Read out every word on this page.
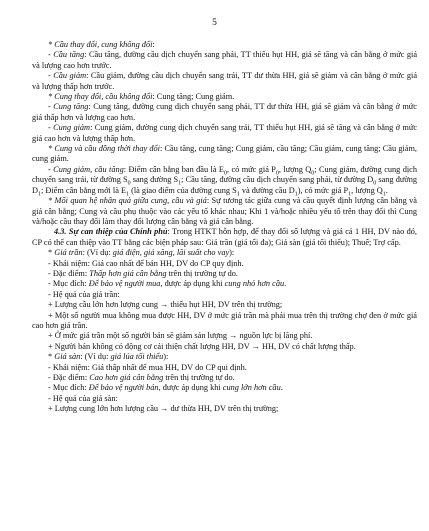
5

* Cầu thay đổi, cung không đổi:

- Cầu tăng: Cầu tăng, đường cầu dịch chuyển sang phải, TT thiếu hụt HH, giá sẽ tăng và cân bằng ở mức giá và lượng cao hơn trước.

- Cầu giảm: Cầu giảm, đường cầu dịch chuyển sang trái, TT dư thừa HH, giá sẽ giảm và cân bằng ở mức giá và lượng thấp hơn trước.

* Cung thay đổi, cầu không đổi: Cung tăng; Cung giảm.

- Cung tăng: Cung tăng, đường cung dịch chuyển sang phải, TT dư thừa HH, giá sẽ giảm và cân bằng ở mức giá thấp hơn và lượng cao hơn.

- Cung giảm: Cung giảm, đường cung dịch chuyển sang trái, TT thiếu hụt HH, giá sẽ tăng và cân bằng ở mức giá cao hơn và lượng thấp hơn.

* Cung và cầu đồng thời thay đổi: Cầu tăng, cung tăng; Cung giảm, cầu tăng; Cầu giảm, cung tăng; Cầu giảm, cung giảm.

- Cung giảm, cầu tăng: Điểm cân bằng ban đầu là $E_0$, có mức giá $P_0$, lượng $Q_0$; Cung giảm, đường cung dịch chuyển sang trái, từ đường $S_0$ sang đường $S_1$; Cầu tăng, đường cầu dịch chuyển sang phải, từ đường $D_0$ sang đường $D_1$; Điểm cân bằng mới là $E_1$ (là giao điểm của đường cung $S_1$ và đường cầu $D_1$), có mức giá $P_1$, lượng $Q_1$.

* Mối quan hệ nhân quả giữa cung, cầu và giá: Sự tương tác giữa cung và cầu quyết định lượng cân bằng và giá cân bằng; Cung và cầu phụ thuộc vào các yếu tố khác nhau; Khi 1 và/hoặc nhiều yếu tố trên thay đổi thì Cung và/hoặc cầu thay đổi làm thay đổi lượng cân bằng và giá cân bằng.

4.3. Sự can thiệp của Chính phủ: Trong HTKT hỗn hợp, để thay đổi số lượng và giá cả 1 HH, DV nào đó, CP có thể can thiệp vào TT bằng các biện pháp sau: Giá trần (giá tối đa); Giá sàn (giá tối thiểu); Thuế; Trợ cấp.

* Giá trần: (Ví dụ: giá điện, giá xăng, lãi suất cho vay):

- Khái niệm: Giá cao nhất để bán HH, DV do CP quy định.

- Đặc điểm: Thấp hơn giá cân bằng trên thị trường tự do.

- Mục đích: Để bảo vệ người mua, được áp dụng khi cung nhỏ hơn cầu.

- Hệ quả của giá trần:

+ Lượng cầu lớn hơn lượng cung → thiếu hụt HH, DV trên thị trường;

+ Một số người mua không mua được HH, DV ở mức giá trần mà phải mua trên thị trường chợ đen ở mức giá cao hơn giá trần.

+ Ở mức giá trần một số người bán sẽ giảm sản lượng → nguồn lực bị lãng phí.

+ Người bán không có động cơ cải thiện chất lượng HH, DV → HH, DV có chất lượng thấp.

* Giá sàn: (Ví dụ: giá lúa tối thiểu):

- Khái niệm: Giá thấp nhất để mua HH, DV do CP qui định.

- Đặc điểm: Cao hơn giá cân bằng trên thị trường tự do.

- Mục đích: Để bảo vệ người bán, được áp dụng khi cung lớn hơn cầu.

- Hệ quả của giá sàn:

+ Lượng cung lớn hơn lượng cầu → dư thừa HH, DV trên thị trường;
